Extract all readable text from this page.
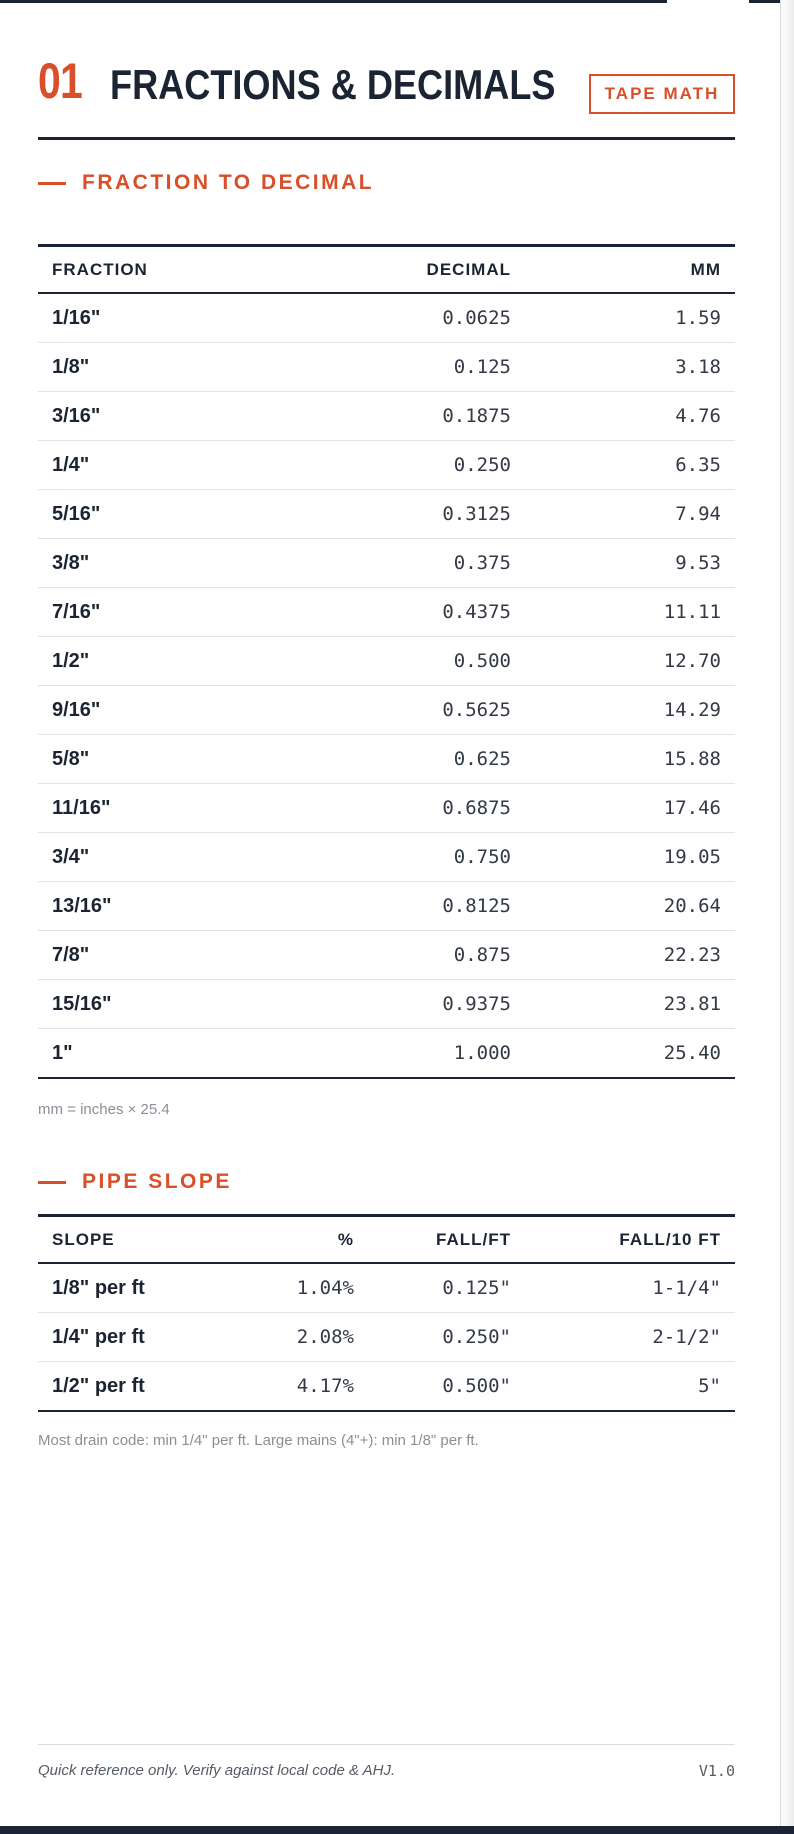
01 FRACTIONS & DECIMALS	TAPE MATH
FRACTION TO DECIMAL
FRACTION	DECIMAL	MM
1/16"	0.0625	1.59
1/8"	0.125	3.18
3/16"	0.1875	4.76
1/4"	0.250	6.35
5/16"	0.3125	7.94
3/8"	0.375	9.53
7/16"	0.4375	11.11
1/2"	0.500	12.70
9/16"	0.5625	14.29
5/8"	0.625	15.88
11/16"	0.6875	17.46
3/4"	0.750	19.05
13/16"	0.8125	20.64
7/8"	0.875	22.23
15/16"	0.9375	23.81
1"	1.000	25.40
mm = inches × 25.4
PIPE SLOPE
SLOPE	%	FALL/FT	FALL/10 FT
1/8" per ft	1.04%	0.125"	1-1/4"
1/4" per ft	2.08%	0.250"	2-1/2"
1/2" per ft	4.17%	0.500"	5"
Most drain code: min 1/4" per ft. Large mains (4"+): min 1/8" per ft.
Quick reference only. Verify against local code & AHJ.	V1.0
